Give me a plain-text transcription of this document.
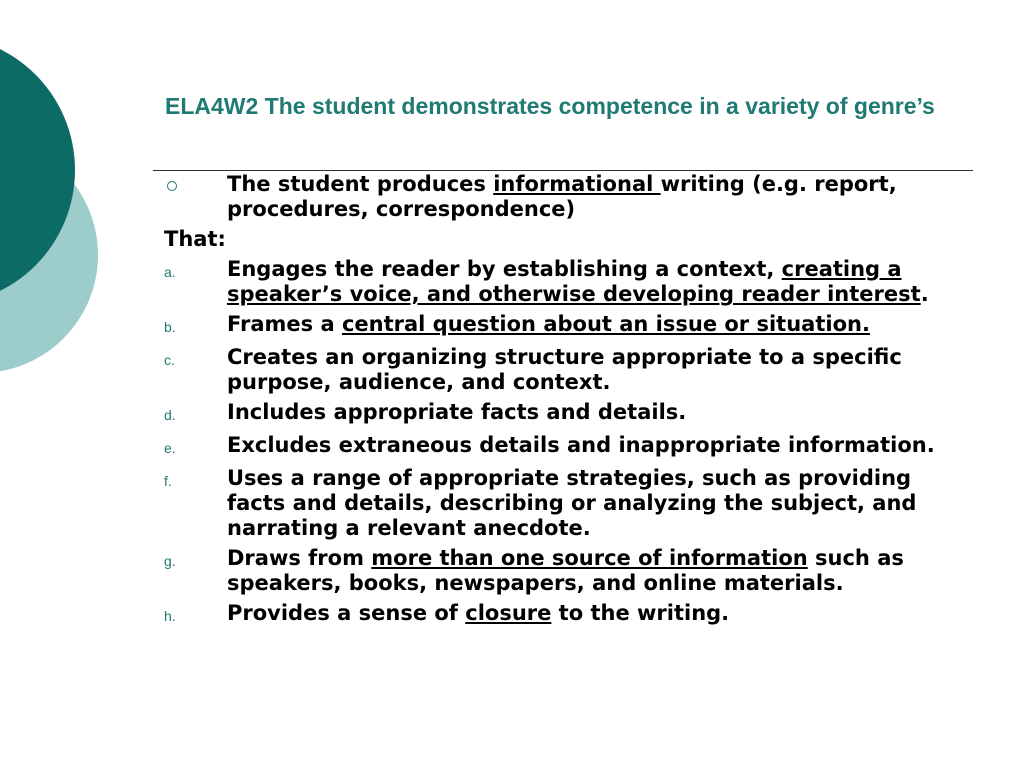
ELA4W2 The student demonstrates competence in a variety of genre’s
The student produces informational writing (e.g. report, procedures, correspondence)
That:
a.	Engages the reader by establishing a context, creating a speaker’s voice, and otherwise developing reader interest.
b.	Frames a central question about an issue or situation.
c.	Creates an organizing structure appropriate to a specific purpose, audience, and context.
d.	Includes appropriate facts and details.
e.	Excludes extraneous details and inappropriate information.
f.	Uses a range of appropriate strategies, such as providing facts and details, describing or analyzing the subject, and narrating a relevant anecdote.
g.	Draws from more than one source of information such as speakers, books, newspapers, and online materials.
h.	Provides a sense of closure to the writing.
